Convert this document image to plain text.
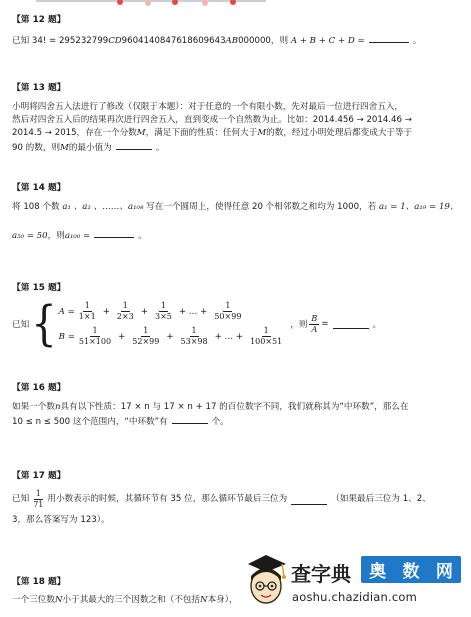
【第 12 题】
已知 34! = 295232799CD9604140847618609643AB000000，则 A + B + C + D =	。
【第 13 题】
小明将四舍五入法进行了修改（仅限于本题）：对于任意的一个有限小数，先对最后一位进行四舍五入，
然后对四舍五入后的结果再次进行四舍五入，直到变成一个自然数为止。比如：2014.456 → 2014.46 →
2014.5 → 2015，存在一个分数M，满足下面的性质：任何大于M的数，经过小明处理后都变成大于等于
90 的数，则M的最小值为	。
【第 14 题】
将 108 个数 a₁ 、a₂ 、……、a₁₀₈ 写在一个圆周上，使得任意 20 个相邻数之和均为 1000，若 a₁ = 1、a₁₉ = 19、
a₅₀ = 50，则a₁₀₀ =	。
【第 15 题】
已知 { $A = \frac{1}{1\times 1} + \frac{1}{2\times 3} + \frac{1}{3\times 5}$ + … + $\frac{1}{50\times 99}$
$B = \frac{1}{51\times 100} + \frac{1}{52\times 99} + \frac{1}{53\times 98}$ + … + $\frac{1}{100\times 51}$
，则 $\frac{B}{A}$ =	。
【第 16 题】
如果一个数n具有以下性质：17 × n 与 17 × n + 17 的百位数字不同，我们就称其为“中环数”，那么在
10 ≤ n ≤ 500 这个范围内，“中环数”有	个。
【第 17 题】
已知 $\frac{1}{71}$ 用小数表示的时候，其循环节有 35 位，那么循环节最后三位为	（如果最后三位为 1、2、
3，那么答案写为 123）。
【第 18 题】
一个三位数N小于其最大的三个因数之和（不包括N本身），
查字典 奥 数 网
aoshu.chazidian.com
